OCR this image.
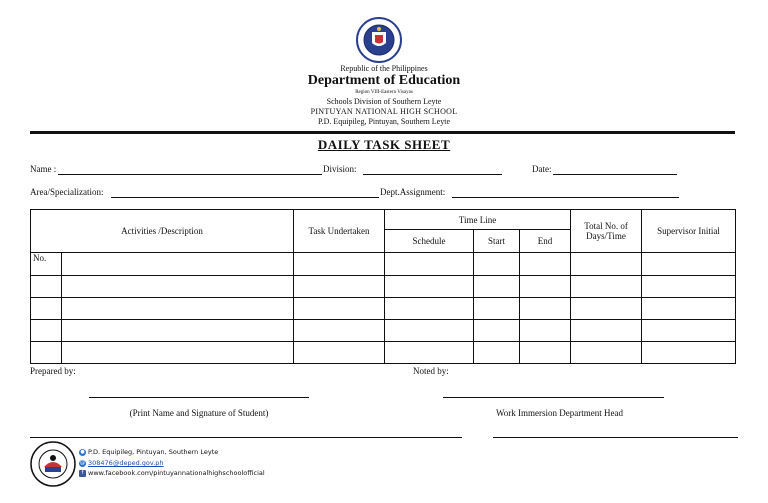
Republic of the Philippines
Department of Education
Region VIII-Eastern Visayas
Schools Division of Southern Leyte
PINTUYAN NATIONAL HIGH SCHOOL
P.D. Equipileg, Pintuyan, Southern Leyte
DAILY TASK SHEET
Name :	Division:	Date:
Area/Specialization:	Dept.Assignment:
Activities /Description		Task Undertaken	Time Line			Total No. of Days/Time	Supervisor Initial
			Schedule	Start	End		
No.							

Prepared by:	Noted by:
(Print Name and Signature of Student)	Work Immersion Department Head
● P.D. Equipileg, Pintuyan, Southern Leyte
@ 308476@deped.gov.ph
f www.facebook.com/pintuyannationalhighschoolofficial
